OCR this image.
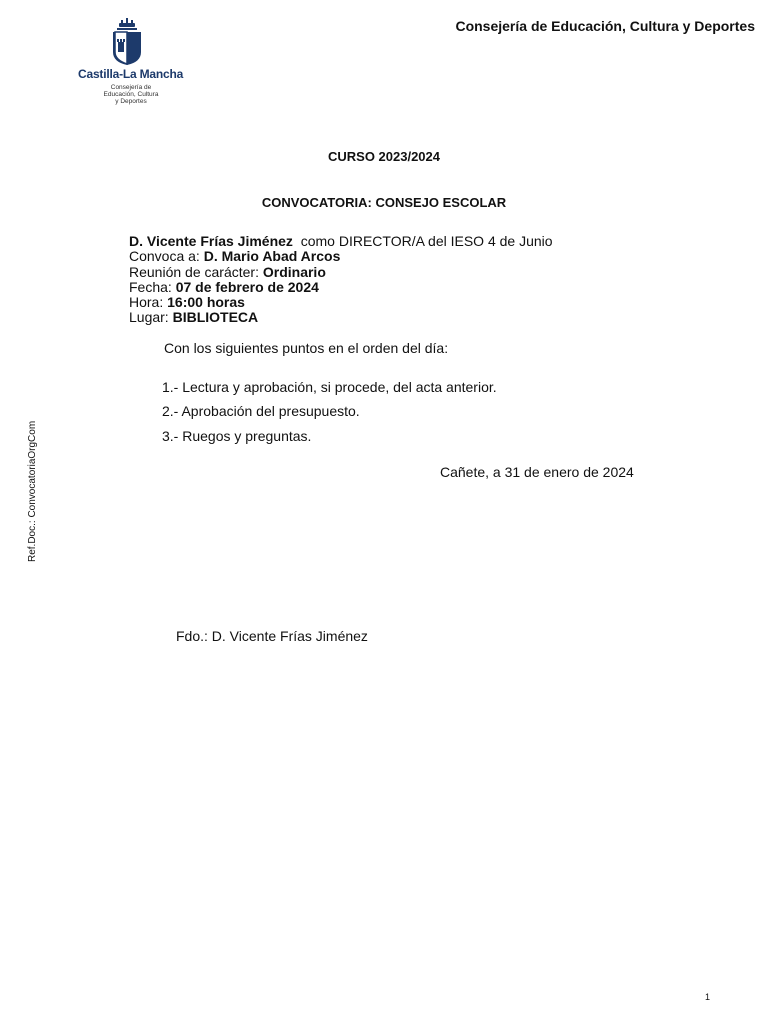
Castilla-La Mancha
Consejería de
Educación, Cultura
y Deportes
Consejería de Educación, Cultura y Deportes
CURSO 2023/2024
CONVOCATORIA: CONSEJO ESCOLAR
D. Vicente Frías Jiménez como DIRECTOR/A del IESO 4 de Junio
Convoca a: D. Mario Abad Arcos
Reunión de carácter: Ordinario
Fecha: 07 de febrero de 2024
Hora: 16:00 horas
Lugar: BIBLIOTECA
Con los siguientes puntos en el orden del día:
1.- Lectura y aprobación, si procede, del acta anterior.
2.- Aprobación del presupuesto.
3.- Ruegos y preguntas.
Cañete, a 31 de enero de 2024
Fdo.: D. Vicente Frías Jiménez
Ref.Doc.: ConvocatoriaOrgCom
1
